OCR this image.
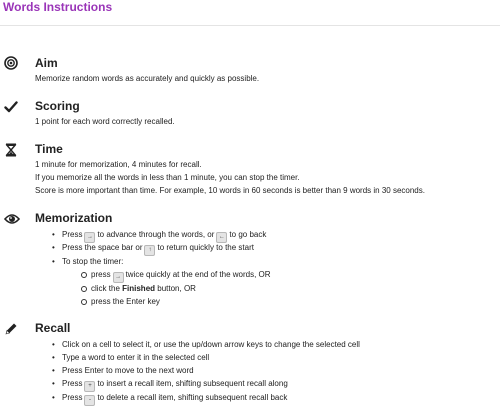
Words Instructions
Aim
Memorize random words as accurately and quickly as possible.
Scoring
1 point for each word correctly recalled.
Time
1 minute for memorization, 4 minutes for recall.
If you memorize all the words in less than 1 minute, you can stop the timer.
Score is more important than time. For example, 10 words in 60 seconds is better than 9 words in 30 seconds.
Memorization
• Press → to advance through the words, or ← to go back
• Press the space bar or ↑ to return quickly to the start
• To stop the timer:
press → twice quickly at the end of the words, OR
click the Finished button, OR
press the Enter key
Recall
• Click on a cell to select it, or use the up/down arrow keys to change the selected cell
• Type a word to enter it in the selected cell
• Press Enter to move to the next word
• Press + to insert a recall item, shifting subsequent recall along
• Press - to delete a recall item, shifting subsequent recall back
